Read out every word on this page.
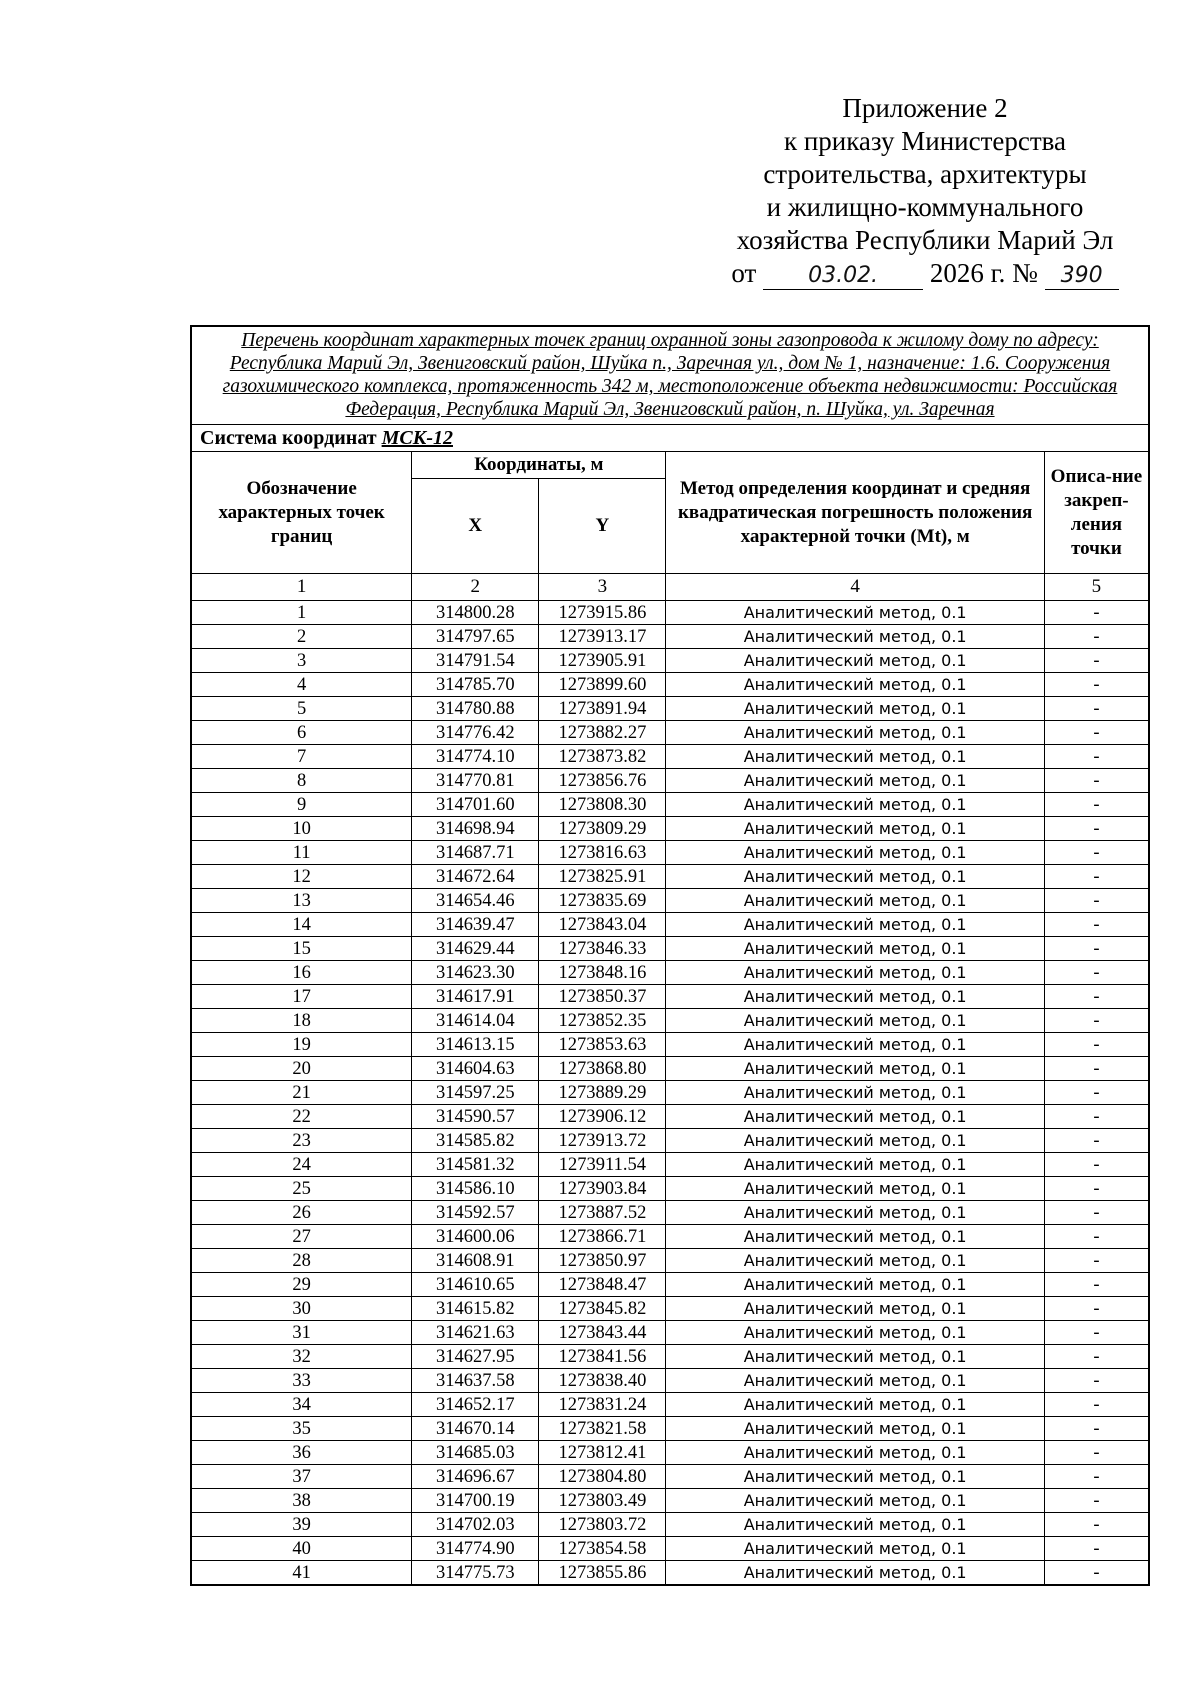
Приложение 2
к приказу Министерства
строительства, архитектуры
и жилищно-коммунального
хозяйства Республики Марий Эл
от 03.02. 2026 г. № 390
Перечень координат характерных точек границ охранной зоны газопровода к жилому дому по адресу: Республика Марий Эл, Звениговский район, Шуйка п., Заречная ул., дом № 1, назначение: 1.6. Сооружения газохимического комплекса, протяженность 342 м, местоположение объекта недвижимости: Российская Федерация, Республика Марий Эл, Звениговский район, п. Шуйка, ул. Заречная				
Система координат МСК-12				
Обозначение характерных точек границ	Координаты, м		Метод определения координат и средняя квадратическая погрешность положения характерной точки (Mt), м	Описа-ние закреп-ления точки
	X	Y		
1	2	3	4	5
1	314800.28	1273915.86	Аналитический метод, 0.1	-
2	314797.65	1273913.17	Аналитический метод, 0.1	-
3	314791.54	1273905.91	Аналитический метод, 0.1	-
4	314785.70	1273899.60	Аналитический метод, 0.1	-
5	314780.88	1273891.94	Аналитический метод, 0.1	-
6	314776.42	1273882.27	Аналитический метод, 0.1	-
7	314774.10	1273873.82	Аналитический метод, 0.1	-
8	314770.81	1273856.76	Аналитический метод, 0.1	-
9	314701.60	1273808.30	Аналитический метод, 0.1	-
10	314698.94	1273809.29	Аналитический метод, 0.1	-
11	314687.71	1273816.63	Аналитический метод, 0.1	-
12	314672.64	1273825.91	Аналитический метод, 0.1	-
13	314654.46	1273835.69	Аналитический метод, 0.1	-
14	314639.47	1273843.04	Аналитический метод, 0.1	-
15	314629.44	1273846.33	Аналитический метод, 0.1	-
16	314623.30	1273848.16	Аналитический метод, 0.1	-
17	314617.91	1273850.37	Аналитический метод, 0.1	-
18	314614.04	1273852.35	Аналитический метод, 0.1	-
19	314613.15	1273853.63	Аналитический метод, 0.1	-
20	314604.63	1273868.80	Аналитический метод, 0.1	-
21	314597.25	1273889.29	Аналитический метод, 0.1	-
22	314590.57	1273906.12	Аналитический метод, 0.1	-
23	314585.82	1273913.72	Аналитический метод, 0.1	-
24	314581.32	1273911.54	Аналитический метод, 0.1	-
25	314586.10	1273903.84	Аналитический метод, 0.1	-
26	314592.57	1273887.52	Аналитический метод, 0.1	-
27	314600.06	1273866.71	Аналитический метод, 0.1	-
28	314608.91	1273850.97	Аналитический метод, 0.1	-
29	314610.65	1273848.47	Аналитический метод, 0.1	-
30	314615.82	1273845.82	Аналитический метод, 0.1	-
31	314621.63	1273843.44	Аналитический метод, 0.1	-
32	314627.95	1273841.56	Аналитический метод, 0.1	-
33	314637.58	1273838.40	Аналитический метод, 0.1	-
34	314652.17	1273831.24	Аналитический метод, 0.1	-
35	314670.14	1273821.58	Аналитический метод, 0.1	-
36	314685.03	1273812.41	Аналитический метод, 0.1	-
37	314696.67	1273804.80	Аналитический метод, 0.1	-
38	314700.19	1273803.49	Аналитический метод, 0.1	-
39	314702.03	1273803.72	Аналитический метод, 0.1	-
40	314774.90	1273854.58	Аналитический метод, 0.1	-
41	314775.73	1273855.86	Аналитический метод, 0.1	-
